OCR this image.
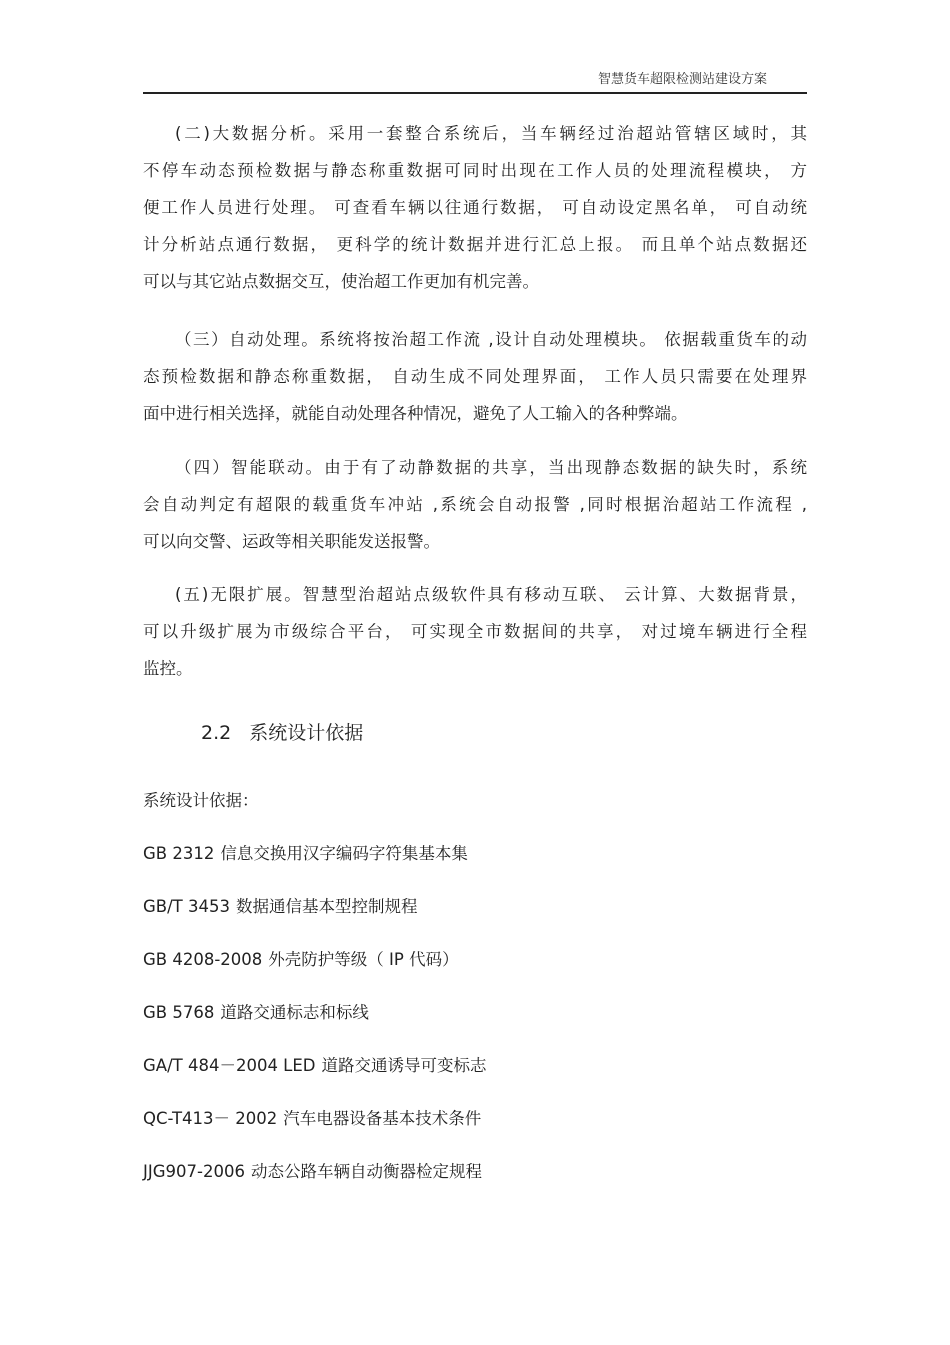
智慧货车超限检测站建设方案

(二)大数据分析。采用一套整合系统后，当车辆经过治超站管辖区域时，其
不停车动态预检数据与静态称重数据可同时出现在工作人员的处理流程模块， 方
便工作人员进行处理。 可查看车辆以往通行数据， 可自动设定黑名单， 可自动统
计分析站点通行数据， 更科学的统计数据并进行汇总上报。 而且单个站点数据还
可以与其它站点数据交互，使治超工作更加有机完善。

（三）自动处理。系统将按治超工作流 ,设计自动处理模块。 依据载重货车的动
态预检数据和静态称重数据， 自动生成不同处理界面， 工作人员只需要在处理界
面中进行相关选择，就能自动处理各种情况，避免了人工输入的各种弊端。

（四）智能联动。由于有了动静数据的共享，当出现静态数据的缺失时，系统
会自动判定有超限的载重货车冲站 ,系统会自动报警 ,同时根据治超站工作流程 ,
可以向交警、运政等相关职能发送报警。

(五)无限扩展。智慧型治超站点级软件具有移动互联、 云计算、大数据背景，
可以升级扩展为市级综合平台， 可实现全市数据间的共享， 对过境车辆进行全程
监控。

2.2 系统设计依据
系统设计依据：
GB 2312 信息交换用汉字编码字符集基本集
GB/T 3453 数据通信基本型控制规程
GB 4208-2008 外壳防护等级（ IP 代码）
GB 5768 道路交通标志和标线
GA/T 484－2004 LED 道路交通诱导可变标志
QC-T413－ 2002 汽车电器设备基本技术条件
JJG907-2006 动态公路车辆自动衡器检定规程
